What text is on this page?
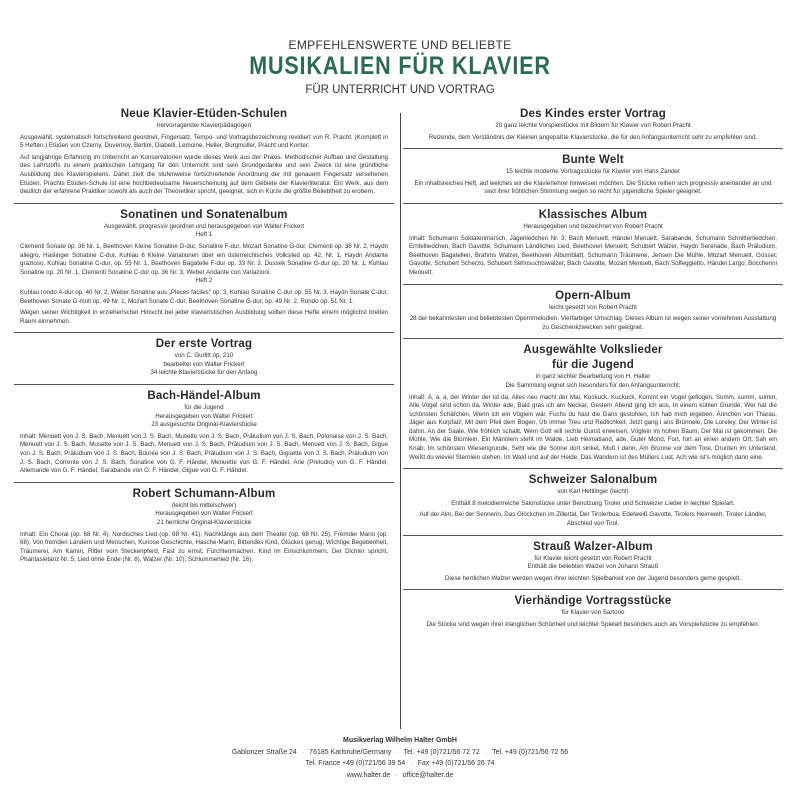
EMPFEHLENSWERTE UND BELIEBTE
MUSIKALIEN FÜR KLAVIER
FÜR UNTERRICHT UND VORTRAG
Neue Klavier-Etüden-Schulen
hervorragender Klavierpädagogen
Ausgewählt, systematisch fortschreitend geordnet, Fingersatz, Tempo- und Vortragsbezeichnung revidiert von R. Pracht. (Komplett in 5 Heften.) Etüden von Czerny, Duvernoy, Bertini, Diabelli, Lemoine, Heller, Burgmüller, Pracht und Konter.
Auf langjährige Erfahrung im Unterricht an Konservatorien wurde dieses Werk aus der Praxis. Methodischer Aufbau und Gestaltung des Lehrstoffs zu einem praktischen Lehrgang für den Unterricht sind sein Grundgedanke und sein Zweck ist eine gründliche Ausbildung des Klavierspielens. Dahin zielt die stufenweise fortschreitende Anordnung der mit genauem Fingersatz versehenen Etüden. Prachts Etüden-Schule ist eine hochbedeutsame Neuerscheinung auf dem Gebiete der Klavierliteratur. Ein Werk, aus dem deutlich der erfahrene Praktiker sowohl als auch der Theoretiker spricht, geeignet, sich in Kürze die größte Beliebtheit zu erobern.
Sonatinen und Sonatenalbum
Ausgewählt, progressiv geordnet und herausgegeben von Walter Frickert
Heft 1
Clementi Sonate op. 36 Nr. 1, Beethoven Kleine Sonatine G-dur, Sonatine F-dur, Mozart Sonatine G-dur, Clementi op. 36 Nr. 2, Haydn allegro, Haslinger Sonatine C-dur, Kuhlau 6 Kleine Variationen über ein österreichisches Volkslied op. 42, Nr. 1, Haydn Andante grazioso, Kuhlau Sonatine C-dur, op. 55 Nr. 1, Beethoven Bagatelle F-dur op. 33 Nr. 3, Dussek Sonatine G-dur op. 20 Nr. 1, Kuhlau Sonatine op. 20 Nr. 1, Clementi Sonatine C-dur op. 36 Nr. 3, Weber Andante con Variazioni.
Heft 2
Kuhlau rondo A-dur op. 40 Nr. 2, Weber Sonatine aus „Pieces faciles“ op. 3, Kuhlau Sonatine C-dur op. 55 Nr. 3, Haydn Sonate C-dur, Beethoven Sonate G-moll op. 49 Nr. 1, Mozart Sonate C-dur, Beethoven Sonatine G-dur, op. 49 Nr. 2, Rondo op. 51 Nr. 1.
Wegen seiner Wichtigkeit in erzieherischer Hinsicht bei jeder klavieristischen Ausbildung sollten diese Hefte einem möglichst breiten Raum einnehmen.
Der erste Vortrag
von C. Gurlitt op. 210
bearbeitet von Walter Frickert
34 leichte Klavierstücke für den Anfang
Bach-Händel-Album
für die Jugend
Herausgegeben von Walter Frickert
23 ausgesuchte Original-Klavierstücke
Inhalt: Menuett von J. S. Bach, Menuett von J. S. Bach, Musette von J. S. Bach, Präludium von J. S. Bach, Polonaise von J. S. Bach, Menuett von J. S. Bach, Musette von J. S. Bach, Menuett von J. S. Bach, Präludium von J. S. Bach, Menuett von J. S. Bach, Gigue von J. S. Bach, Präludium von J. S. Bach, Bourée von J. S. Bach, Präludium von J. S. Bach, Giguette von J. S. Bach, Präludium von J. S. Bach, Corrente von J. S. Bach, Sonatine von G. F. Händel, Menuette von G. F. Händel, Arie (Preludio) von G. F. Händel, Allemande von G. F. Händel, Sarabande von G. F. Händel, Gigue von G. F. Händel.
Robert Schumann-Album
(leicht bis mittelschwer)
Herausgegeben von Walter Frickert
21 herrliche Original-Klavierstücke
Inhalt: Ein Choral (op. 68 Nr. 4), Nordisches Lied (op. 68 Nr. 41), Nachklänge aus dem Theater (op. 68 Nr. 25), Fremder Mann (op. 68), Von fremden Ländern und Menschen, Kuriose Geschichte, Hasche-Mann, Bittendes Kind, Glückes genug, Wichtige Begebenheit, Träumerei, Am Kamin, Ritter vom Steckenpferd, Fast zu ernst, Fürchtenmachen, Kind im Einschlummern, Der Dichter spricht, Phantasietanz Nr. 5, Lied ohne Ende (Nr. 8), Walzer (Nr. 10), Schlummerlied (Nr. 16).
Des Kindes erster Vortrag
20 ganz leichte Vorspielstücke mit Bildern für Klavier von Robert Pracht
Reizende, dem Verständnis der Kleinen angepaßte Klavierstücke, die für den Anfangsunterricht sehr zu empfehlen sind.
Bunte Welt
15 leichte moderne Vortragsstücke für Klavier von Hans Zander
Ein inhaltsreiches Heft, auf welches wir die Klavierlehrer hinweisen möchten. Die Stücke reihen sich progressiv aneinander an und sind ihrer fröhlichen Stimmung wegen so recht für jugendliche Spieler geeignet.
Klassisches Album
Herausgegeben und bezeichnet von Robert Pracht
Inhalt: Schumann Soldatenmarsch, Jägerliedchen Nr. 3, Bach Menuett, Händel Menuett, Sarabande, Schumann Schnitterliedchen, Erntelliedchen, Bach Gavotte, Schumann Ländliches Lied, Beethoven Menuett, Schubert Walzer, Haydn Serenade, Bach Präludium, Beethoven Bagatellen, Brahms Walzer, Beethoven Albumblatt, Schumann Träumerei, Jensen Die Mühle, Mozart Menuett, Gossec Gavotte, Schubert Scherzo, Schubert Sehnsuchtswalzer, Bach Gavotte, Mozart Menuett, Bach Solfeggietto, Händel Largo, Boccherini Menuett.
Opern-Album
leicht gesetzt von Robert Pracht
28 der bekanntesten und beliebtesten Opernmelodien. Vierfarbiger Umschlag. Dieses Album ist wegen seiner vornehmen Ausstattung zu Geschenkzwecken sehr geeignet.
Ausgewählte Volkslieder
für die Jugend
in ganz leichter Bearbeitung von H. Halter
Die Sammlung eignet sich besonders für den Anfangsunterricht.
Inhalt: A, a, a, der Winter der ist da, Alles neu macht der Mai, Kuckuck, Kuckuck, Kommt ein Vogel geflogen, Summ, summ, summ, Alle Vögel sind schon da, Winter ade, Bald gras ich am Neckar, Gestern Abend ging ich aus, In einem kühlen Grunde, Wer hat die schönsten Schäfchen, Wenn ich ein Vöglein wär, Fuchs du hast die Gans gestohlen, Ich hab mich ergeben, Ännchen von Tharau, Jäger aus Kurpfalz, Mit dem Pfeil dem Bogen, Üb immer Treu und Redlichkeit, Jetzt gang i ans Brünnele, Die Loreley, Der Winter ist dahin, An der Saale, Wie fröhlich schallt, Wem Gott will rechte Gunst erweisen, Vöglein im hohen Baum, Der Mai ist gekommen, Die Mühle, Wie die Blümlein, Ein Männlein steht im Walde, Lieb Heimatland, ade, Guter Mond, Fort, fort an einen andern Ort, Sah ein Knab, Im schönsten Wiesengrunde, Seht wie die Sonne dort sinket, Muß i denn, Am Brunne vor dem Tore, Drunten im Unterland, Weißt du wieviel Sternlein stehen, Im Wald und auf der Heide, Das Wandern ist des Müllers Lust, Ach wie ist's möglich dann eine.
Schweizer Salonalbum
von Karl Hettlinger (leicht)
Enthält 8 melodienreiche Salonstücke unter Benutzung Tiroler und Schweizer Lieder in leichter Spielart.
Auf der Alm, Bei der Sennerin, Das Glöckchen im Zillertal, Der Tirolerbua, Edelweiß Gavotte, Tirolers Heimweh, Tiroler Ländler, Abschied von Tirol.
Strauß Walzer-Album
für Klavier leicht gesetzt von Robert Pracht
Enthält die beliebten Walzer von Johann Strauß
Diese herrlichen Walzer werden wegen ihrer leichten Spielbarkeit von der Jugend besonders gerne gespielt.
Vierhändige Vortragsstücke
für Klavier von Sartorio
Die Stücke sind wegen ihrer klanglichen Schönheit und leichter Spielart besonders auch als Vorspielstücke zu empfehlen.
Musikverlag Wilhelm Halter GmbH
Gablonzer Straße 24 · 76185 Karlsruhe/Germany · Tel. +49 (0)721/56 72 72 · Tel. +49 (0)721/56 72 56
Tel. France +49 (0)721/56 39 54 · Fax +49 (0)721/56 26 74
www.halter.de · office@halter.de
